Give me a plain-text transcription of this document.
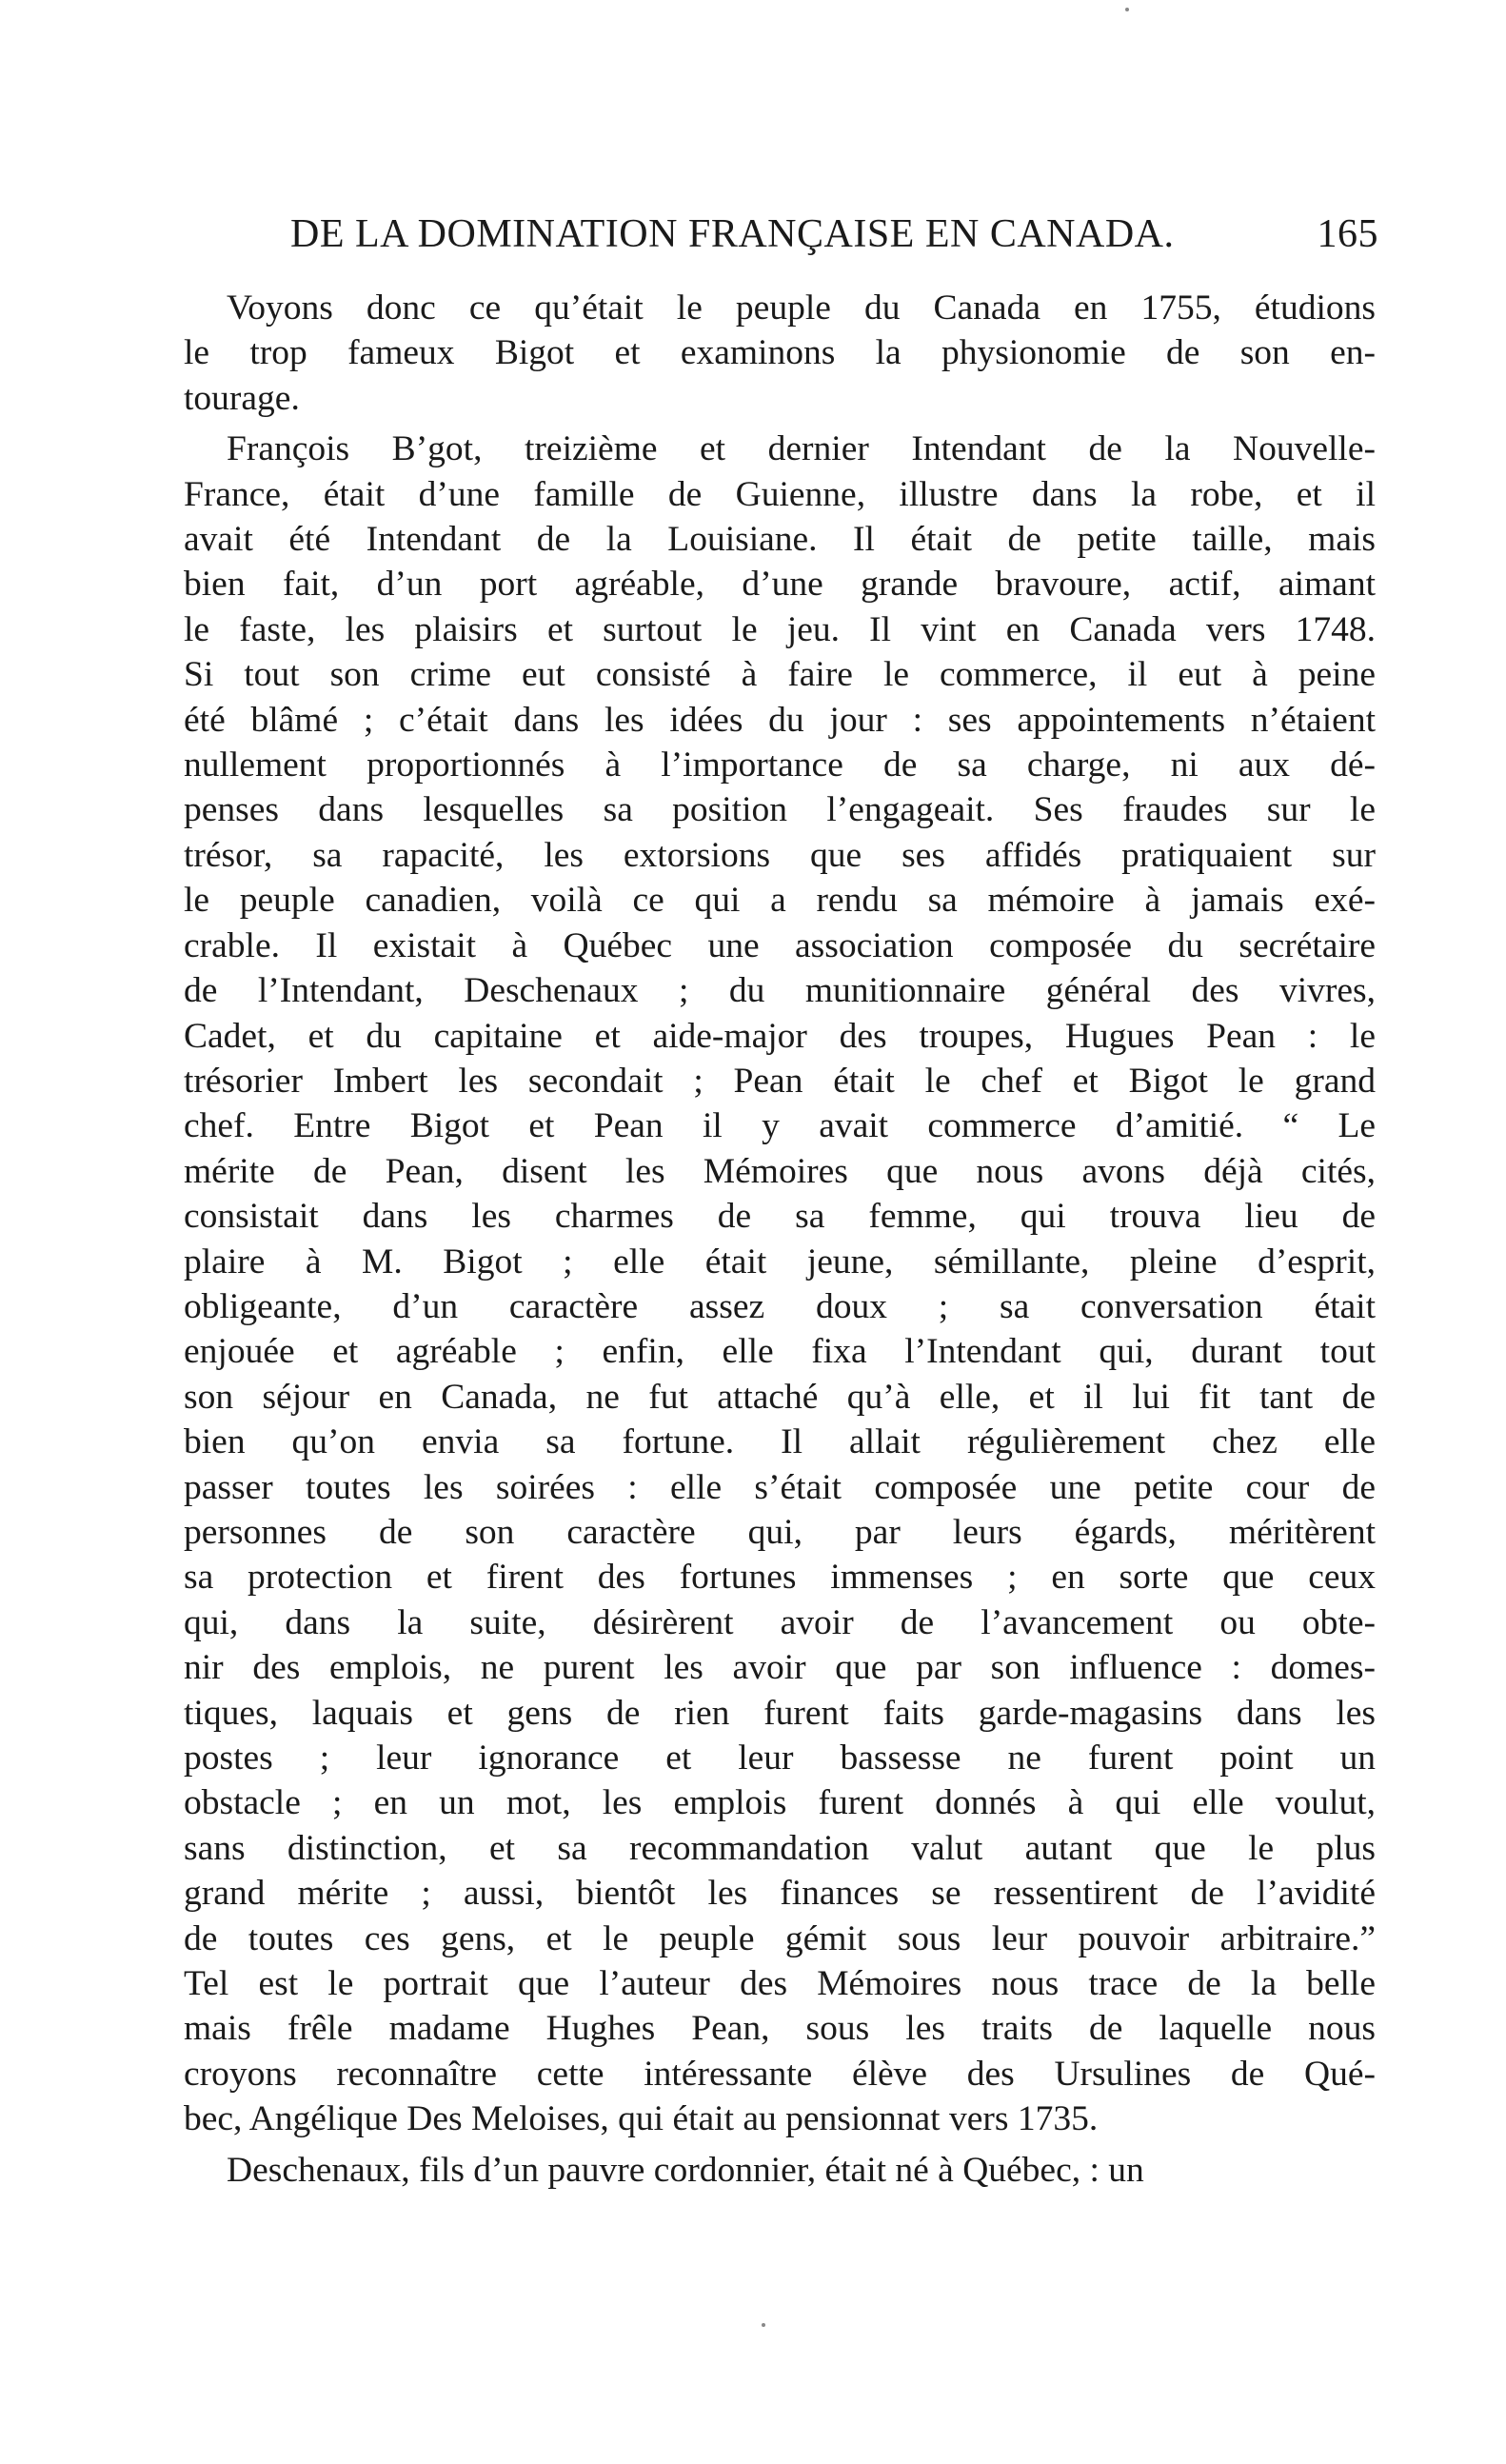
DE LA DOMINATION FRANÇAISE EN CANADA.	165
Voyons donc ce qu’était le peuple du Canada en 1755, étudions
le trop fameux Bigot et examinons la physionomie de son en-
tourage.
François B’got, treizième et dernier Intendant de la Nouvelle-
France, était d’une famille de Guienne, illustre dans la robe, et il
avait été Intendant de la Louisiane. Il était de petite taille, mais
bien fait, d’un port agréable, d’une grande bravoure, actif, aimant
le faste, les plaisirs et surtout le jeu. Il vint en Canada vers 1748.
Si tout son crime eut consisté à faire le commerce, il eut à peine
été blâmé ; c’était dans les idées du jour : ses appointements n’étaient
nullement proportionnés à l’importance de sa charge, ni aux dé-
penses dans lesquelles sa position l’engageait. Ses fraudes sur le
trésor, sa rapacité, les extorsions que ses affidés pratiquaient sur
le peuple canadien, voilà ce qui a rendu sa mémoire à jamais exé-
crable. Il existait à Québec une association composée du secrétaire
de l’Intendant, Deschenaux ; du munitionnaire général des vivres,
Cadet, et du capitaine et aide-major des troupes, Hugues Pean : le
trésorier Imbert les secondait ; Pean était le chef et Bigot le grand
chef. Entre Bigot et Pean il y avait commerce d’amitié. “ Le
mérite de Pean, disent les Mémoires que nous avons déjà cités,
consistait dans les charmes de sa femme, qui trouva lieu de
plaire à M. Bigot ; elle était jeune, sémillante, pleine d’esprit,
obligeante, d’un caractère assez doux ; sa conversation était
enjouée et agréable ; enfin, elle fixa l’Intendant qui, durant tout
son séjour en Canada, ne fut attaché qu’à elle, et il lui fit tant de
bien qu’on envia sa fortune. Il allait régulièrement chez elle
passer toutes les soirées : elle s’était composée une petite cour de
personnes de son caractère qui, par leurs égards, méritèrent
sa protection et firent des fortunes immenses ; en sorte que ceux
qui, dans la suite, désirèrent avoir de l’avancement ou obte-
nir des emplois, ne purent les avoir que par son influence : domes-
tiques, laquais et gens de rien furent faits garde-magasins dans les
postes ; leur ignorance et leur bassesse ne furent point un
obstacle ; en un mot, les emplois furent donnés à qui elle voulut,
sans distinction, et sa recommandation valut autant que le plus
grand mérite ; aussi, bientôt les finances se ressentirent de l’avidité
de toutes ces gens, et le peuple gémit sous leur pouvoir arbitraire.”
Tel est le portrait que l’auteur des Mémoires nous trace de la belle
mais frêle madame Hughes Pean, sous les traits de laquelle nous
croyons reconnaître cette intéressante élève des Ursulines de Qué-
bec, Angélique Des Meloises, qui était au pensionnat vers 1735.
Deschenaux, fils d’un pauvre cordonnier, était né à Québec, : un
